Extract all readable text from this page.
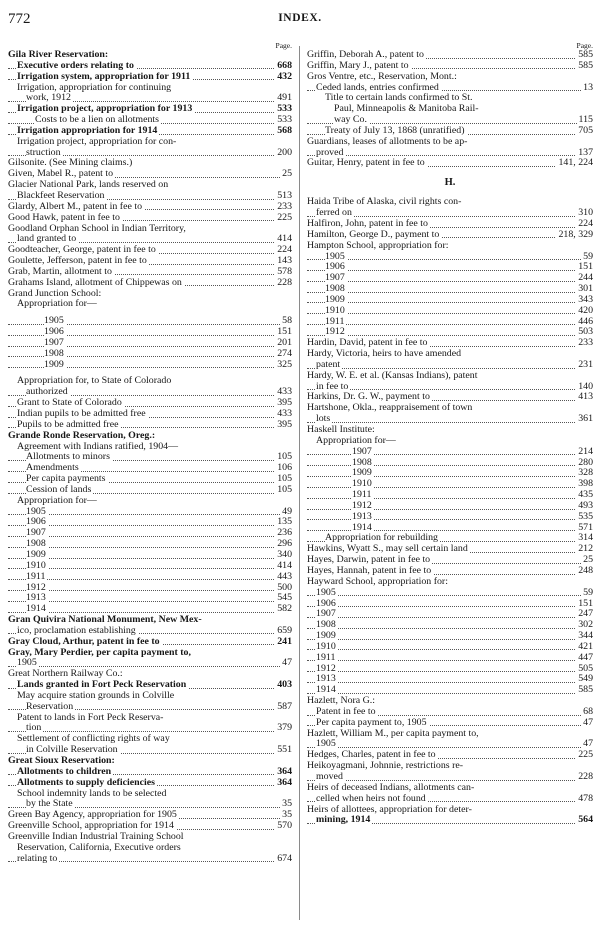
772	INDEX.
Page.
Gila River Reservation:
Executive orders relating to	668
Irrigation system, appropriation for 1911	432
Irrigation, appropriation for continuing
work, 1912	491
Irrigation project, appropriation for 1913	533
Costs to be a lien on allotments	533
Irrigation appropriation for 1914	568
Irrigation project, appropriation for con-
struction	200
Gilsonite. (See Mining claims.)
Given, Mabel R., patent to	25
Glacier National Park, lands reserved on
Blackfeet Reservation	513
Glardy, Albert M., patent in fee to	233
Good Hawk, patent in fee to	225
Goodland Orphan School in Indian Territory,
land granted to	414
Goodteacher, George, patent in fee to	224
Goulette, Jefferson, patent in fee to	143
Grab, Martin, allotment to	578
Grahams Island, allotment of Chippewas on	228
Grand Junction School:
Appropriation for—
1905	58
1906	151
1907	201
1908	274
1909	325
Appropriation for, to State of Colorado
authorized	433
Grant to State of Colorado	395
Indian pupils to be admitted free	433
Pupils to be admitted free	395
Grande Ronde Reservation, Oreg.:
Agreement with Indians ratified, 1904—
Allotments to minors	105
Amendments	106
Per capita payments	105
Cession of lands	105
Appropriation for—
1905	49
1906	135
1907	236
1908	296
1909	340
1910	414
1911	443
1912	500
1913	545
1914	582
Gran Quivira National Monument, New Mex-
ico, proclamation establishing	659
Gray Cloud, Arthur, patent in fee to	241
Gray, Mary Perdier, per capita payment to,
1905	47
Great Northern Railway Co.:
Lands granted in Fort Peck Reservation	403
May acquire station grounds in Colville
Reservation	587
Patent to lands in Fort Peck Reserva-
tion	379
Settlement of conflicting rights of way
in Colville Reservation	551
Great Sioux Reservation:
Allotments to children	364
Allotments to supply deficiencies	364
School indemnity lands to be selected
by the State	35
Green Bay Agency, appropriation for 1905	35
Greenville School, appropriation for 1914	570
Greenville Indian Industrial Training School
Reservation, California, Executive orders
relating to	674
Page.
Griffin, Deborah A., patent to	585
Griffin, Mary J., patent to	585
Gros Ventre, etc., Reservation, Mont.:
Ceded lands, entries confirmed	13
Title to certain lands confirmed to St.
Paul, Minneapolis & Manitoba Rail-
way Co.	115
Treaty of July 13, 1868 (unratified)	705
Guardians, leases of allotments to be ap-
proved	137
Guitar, Henry, patent in fee to	141, 224
H.
Haida Tribe of Alaska, civil rights con-
ferred on	310
Halfiron, John, patent in fee to	224
Hamilton, George D., payment to	218, 329
Hampton School, appropriation for:
1905	59
1906	151
1907	244
1908	301
1909	343
1910	420
1911	446
1912	503
Hardin, David, patent in fee to	233
Hardy, Victoria, heirs to have amended
patent	231
Hardy, W. E. et al. (Kansas Indians), patent
in fee to	140
Harkins, Dr. G. W., payment to	413
Hartshone, Okla., reappraisement of town
lots	361
Haskell Institute:
Appropriation for—
1907	214
1908	280
1909	328
1910	398
1911	435
1912	493
1913	535
1914	571
Appropriation for rebuilding	314
Hawkins, Wyatt S., may sell certain land	212
Hayes, Darwin, patent in fee to	25
Hayes, Hannah, patent in fee to	248
Hayward School, appropriation for:
1905	59
1906	151
1907	247
1908	302
1909	344
1910	421
1911	447
1912	505
1913	549
1914	585
Hazlett, Nora G.:
Patent in fee to	68
Per capita payment to, 1905	47
Hazlett, William M., per capita payment to,
1905	47
Hedges, Charles, patent in fee to	225
Heikoyagmani, Johnnie, restrictions re-
moved	228
Heirs of deceased Indians, allotments can-
celled when heirs not found	478
Heirs of allottees, appropriation for deter-
mining, 1914	564
